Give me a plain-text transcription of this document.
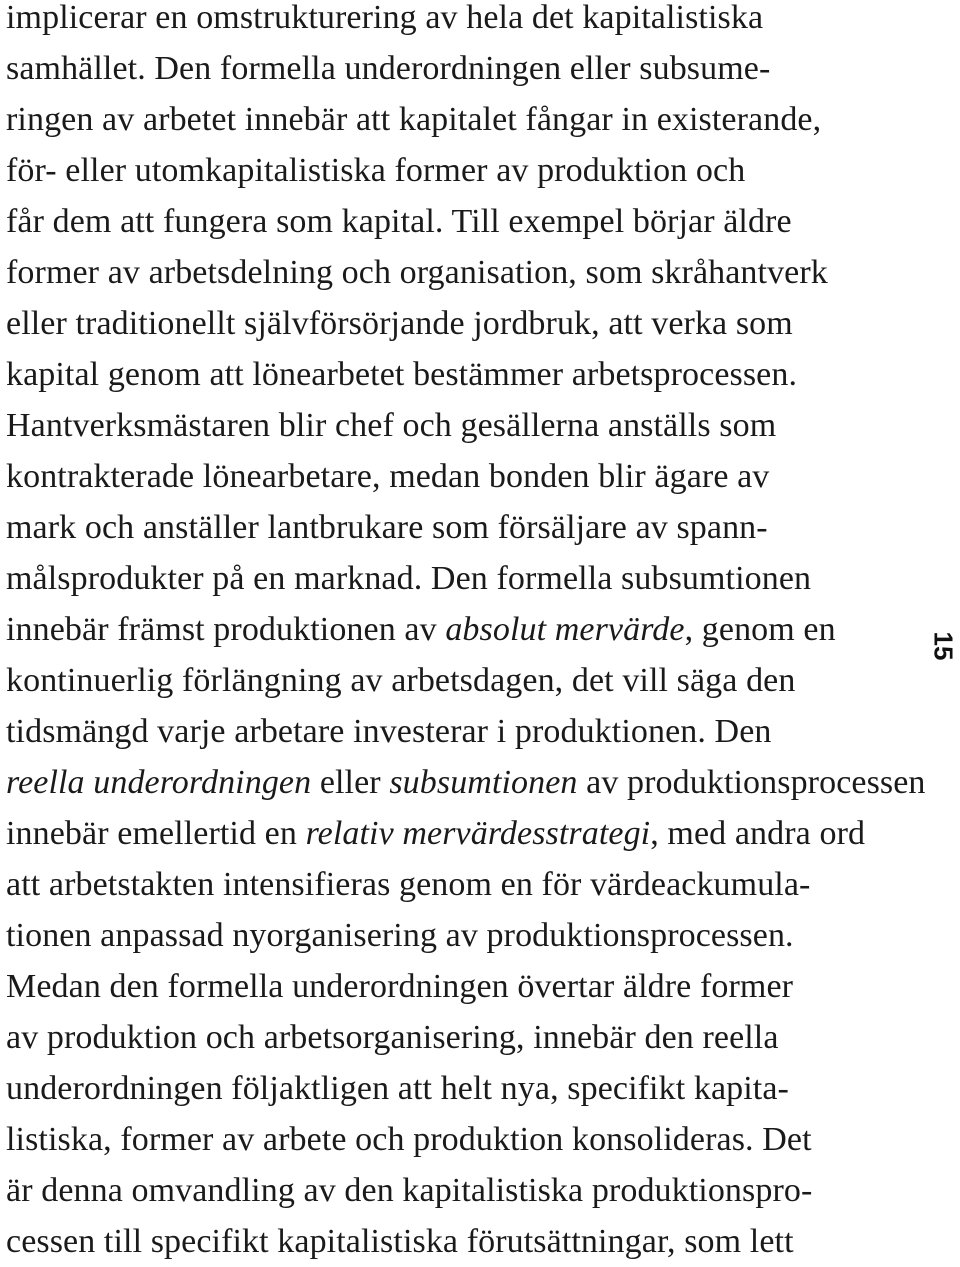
implicerar en omstrukturering av hela det kapitalistiska
samhället. Den formella underordningen eller subsume-
ringen av arbetet innebär att kapitalet fångar in existerande,
för- eller utomkapitalistiska former av produktion och
får dem att fungera som kapital. Till exempel börjar äldre
former av arbetsdelning och organisation, som skråhantverk
eller traditionellt självförsörjande jordbruk, att verka som
kapital genom att lönearbetet bestämmer arbetsprocessen.
Hantverksmästaren blir chef och gesällerna anställs som
kontrakterade lönearbetare, medan bonden blir ägare av
mark och anställer lantbrukare som försäljare av spann-
målsprodukter på en marknad. Den formella subsumtionen
innebär främst produktionen av absolut mervärde, genom en
kontinuerlig förlängning av arbetsdagen, det vill säga den
tidsmängd varje arbetare investerar i produktionen. Den
reella underordningen eller subsumtionen av produktionsprocessen
innebär emellertid en relativ mervärdesstrategi, med andra ord
att arbetstakten intensifieras genom en för värdeackumula-
tionen anpassad nyorganisering av produktionsprocessen.
Medan den formella underordningen övertar äldre former
av produktion och arbetsorganisering, innebär den reella
underordningen följaktligen att helt nya, specifikt kapita-
listiska, former av arbete och produktion konsolideras. Det
är denna omvandling av den kapitalistiska produktionspro-
cessen till specifikt kapitalistiska förutsättningar, som lett
15
